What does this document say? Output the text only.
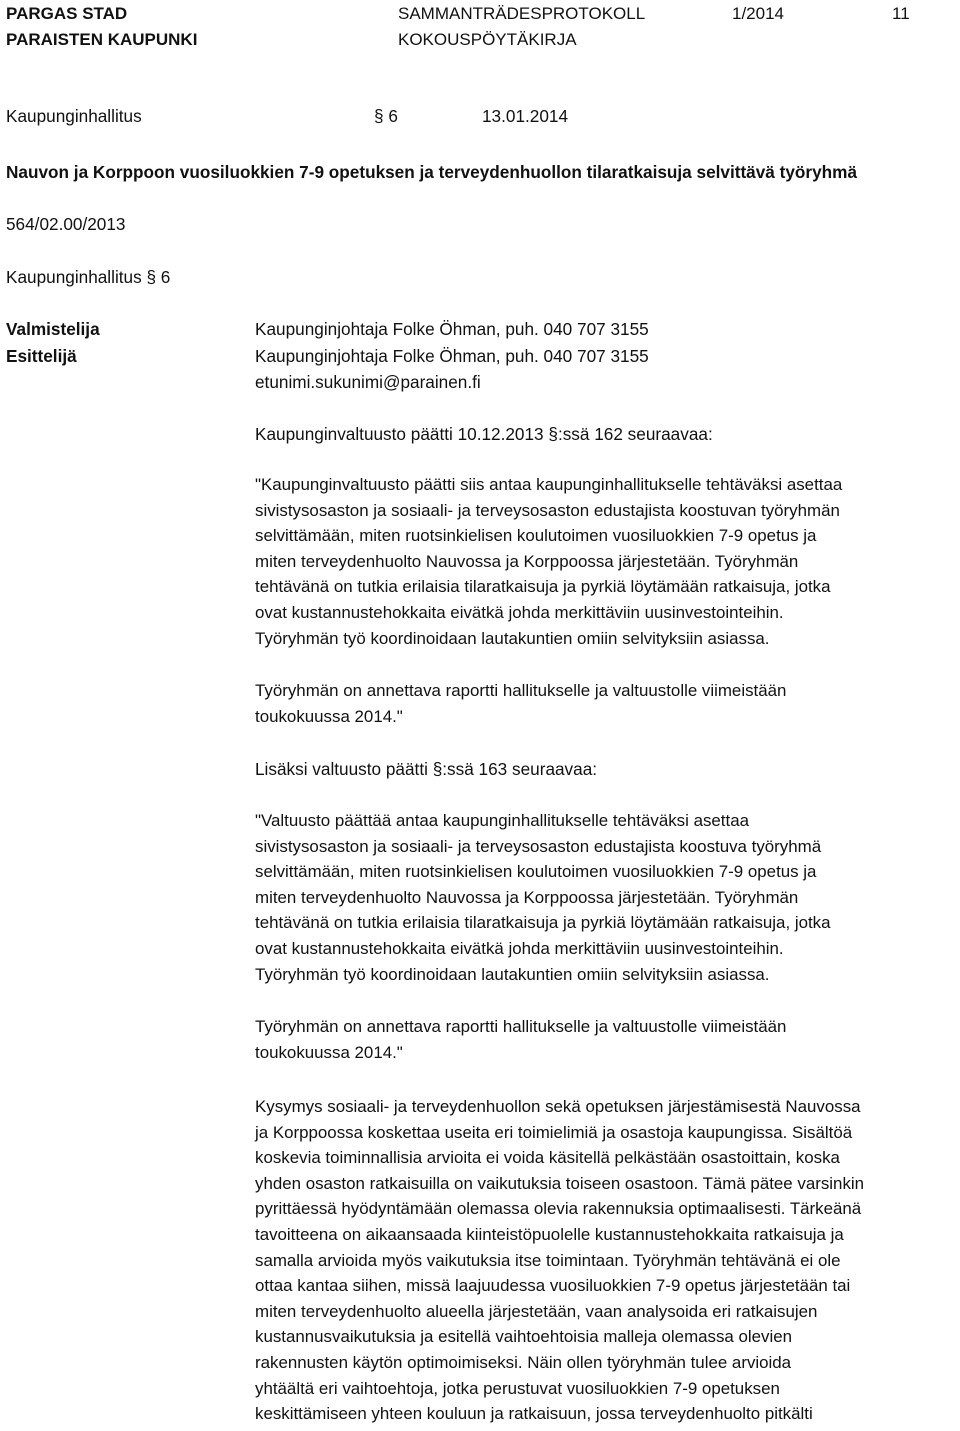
PARGAS STAD
PARAISTEN KAUPUNKI
SAMMANTRÄDESPROTOKOLL
KOKOUSPÖYTÄKIRJA
1/2014	11
Kaupunginhallitus	§ 6	13.01.2014
Nauvon ja Korppoon vuosiluokkien 7-9 opetuksen ja terveydenhuollon tilaratkaisuja selvittävä työryhmä
564/02.00/2013
Kaupunginhallitus § 6
Valmistelija	Kaupunginjohtaja Folke Öhman, puh. 040 707 3155
Esittelijä	Kaupunginjohtaja Folke Öhman, puh. 040 707 3155
etunimi.sukunimi@parainen.fi
Kaupunginvaltuusto päätti 10.12.2013 §:ssä 162 seuraavaa:
"Kaupunginvaltuusto päätti siis antaa kaupunginhallitukselle tehtäväksi asettaa
sivistysosaston ja sosiaali- ja terveysosaston edustajista koostuvan työryhmän
selvittämään, miten ruotsinkielisen koulutoimen vuosiluokkien 7-9 opetus ja
miten terveydenhuolto Nauvossa ja Korppoossa järjestetään. Työryhmän
tehtävänä on tutkia erilaisia tilaratkaisuja ja pyrkiä löytämään ratkaisuja, jotka
ovat kustannustehokkaita eivätkä johda merkittäviin uusinvestointeihin.
Työryhmän työ koordinoidaan lautakuntien omiin selvityksiin asiassa.
Työryhmän on annettava raportti hallitukselle ja valtuustolle viimeistään
toukokuussa 2014."
Lisäksi valtuusto päätti §:ssä 163 seuraavaa:
"Valtuusto päättää antaa kaupunginhallitukselle tehtäväksi asettaa
sivistysosaston ja sosiaali- ja terveysosaston edustajista koostuva työryhmä
selvittämään, miten ruotsinkielisen koulutoimen vuosiluokkien 7-9 opetus ja
miten terveydenhuolto Nauvossa ja Korppoossa järjestetään. Työryhmän
tehtävänä on tutkia erilaisia tilaratkaisuja ja pyrkiä löytämään ratkaisuja, jotka
ovat kustannustehokkaita eivätkä johda merkittäviin uusinvestointeihin.
Työryhmän työ koordinoidaan lautakuntien omiin selvityksiin asiassa.
Työryhmän on annettava raportti hallitukselle ja valtuustolle viimeistään
toukokuussa 2014."
Kysymys sosiaali- ja terveydenhuollon sekä opetuksen järjestämisestä Nauvossa
ja Korppoossa koskettaa useita eri toimielimiä ja osastoja kaupungissa. Sisältöä
koskevia toiminnallisia arvioita ei voida käsitellä pelkästään osastoittain, koska
yhden osaston ratkaisuilla on vaikutuksia toiseen osastoon. Tämä pätee varsinkin
pyrittäessä hyödyntämään olemassa olevia rakennuksia optimaalisesti. Tärkeänä
tavoitteena on aikaansaada kiinteistöpuolelle kustannustehokkaita ratkaisuja ja
samalla arvioida myös vaikutuksia itse toimintaan. Työryhmän tehtävänä ei ole
ottaa kantaa siihen, missä laajuudessa vuosiluokkien 7-9 opetus järjestetään tai
miten terveydenhuolto alueella järjestetään, vaan analysoida eri ratkaisujen
kustannusvaikutuksia ja esitellä vaihtoehtoisia malleja olemassa olevien
rakennusten käytön optimoimiseksi. Näin ollen työryhmän tulee arvioida
yhtäältä eri vaihtoehtoja, jotka perustuvat vuosiluokkien 7-9 opetuksen
keskittämiseen yhteen kouluun ja ratkaisuun, jossa terveydenhuolto pitkälti
